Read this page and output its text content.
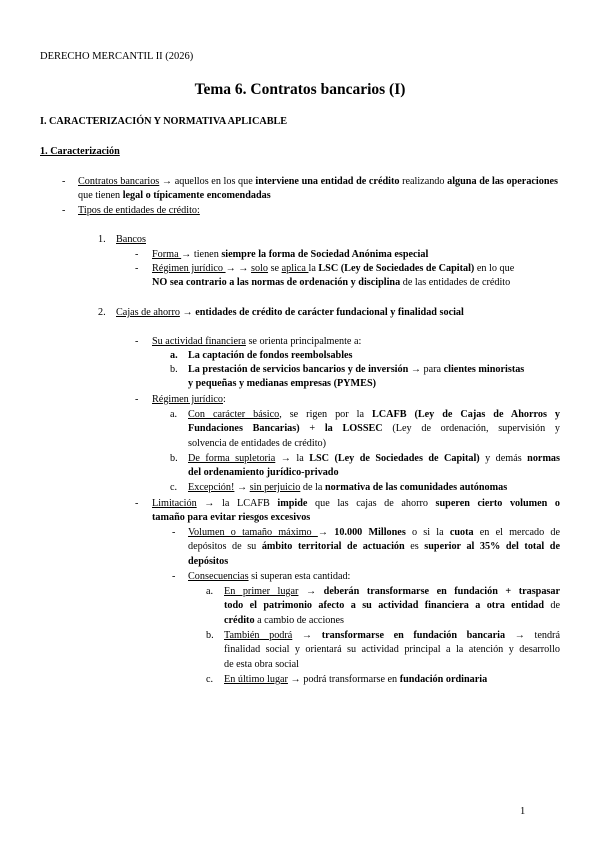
DERECHO MERCANTIL II (2026)
Tema 6. Contratos bancarios (I)
I. CARACTERIZACIÓN Y NORMATIVA APLICABLE
1. Caracterización
- Contratos bancarios → aquellos en los que interviene una entidad de crédito realizando alguna de las operaciones que tienen legal o típicamente encomendadas
- Tipos de entidades de crédito:
1. Bancos
- Forma → tienen siempre la forma de Sociedad Anónima especial
- Régimen jurídico → → solo se aplica la LSC (Ley de Sociedades de Capital) en lo que
NO sea contrario a las normas de ordenación y disciplina de las entidades de crédito
2. Cajas de ahorro → entidades de crédito de carácter fundacional y finalidad social
- Su actividad financiera se orienta principalmente a:
a. La captación de fondos reembolsables
b. La prestación de servicios bancarios y de inversión → para clientes minoristas
y pequeñas y medianas empresas (PYMES)
- Régimen jurídico:
a. Con carácter básico, se rigen por la LCAFB (Ley de Cajas de Ahorros y
Fundaciones Bancarias) + la LOSSEC (Ley de ordenación, supervisión y
solvencia de entidades de crédito)
b. De forma supletoria → la LSC (Ley de Sociedades de Capital) y demás normas
del ordenamiento jurídico-privado
c. Excepción! → sin perjuicio de la normativa de las comunidades autónomas
- Limitación → la LCAFB impide que las cajas de ahorro superen cierto volumen o
tamaño para evitar riesgos excesivos
- Volumen o tamaño máximo → 10.000 Millones o si la cuota en el mercado de
depósitos de su ámbito territorial de actuación es superior al 35% del total de
depósitos
- Consecuencias si superan esta cantidad:
a. En primer lugar → deberán transformarse en fundación + traspasar
todo el patrimonio afecto a su actividad financiera a otra entidad de
crédito a cambio de acciones
b. También podrá → transformarse en fundación bancaria → tendrá
finalidad social y orientará su actividad principal a la atención y desarrollo
de esta obra social
c. En último lugar → podrá transformarse en fundación ordinaria
1
